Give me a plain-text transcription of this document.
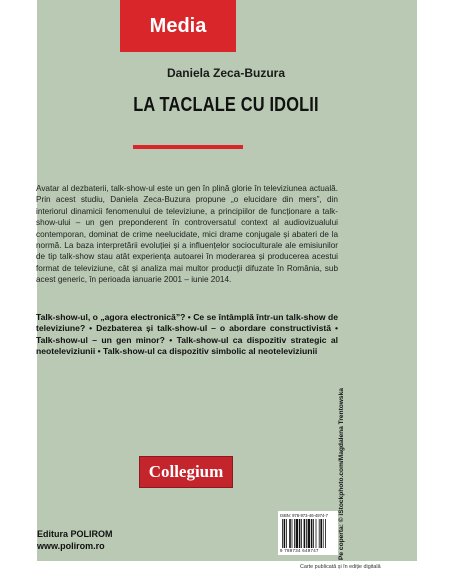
Media
Daniela Zeca-Buzura
LA TACLALE CU IDOLII
Avatar al dezbaterii, talk-show-ul este un gen în plină glorie în televiziunea actuală. Prin acest studiu, Daniela Zeca-Buzura propune „o elucidare din mers”, din interiorul dinamicii fenomenului de televiziune, a principiilor de funcționare a talk-show-ului – un gen preponderent în controversatul context al audiovizualului contemporan, dominat de crime neelucidate, mici drame conjugale și abateri de la normă. La baza interpretării evoluției și a influențelor socioculturale ale emisiunilor de tip talk-show stau atât experiența autoarei în moderarea și producerea acestui format de televiziune, cât și analiza mai multor producții difuzate în România, sub acest generic, în perioada ianuarie 2001 – iunie 2014.
Talk-show-ul, o „agora electronică”? • Ce se întâmplă într-un talk-show de televiziune? • Dezbaterea și talk-show-ul – o abordare constructivistă • Talk-show-ul – un gen minor? • Talk-show-ul ca dispozitiv strategic al neoteleviziunii • Talk-show-ul ca dispozitiv simbolic al neoteleviziunii
Pe coperta: © iStockphoto.com/Magdalena Trentowska
Collegium
Editura POLIROM
www.polirom.ro
ISBN: 978-973-46-4974-7
9 789734 649747
Carte publicată și în ediție digitală
